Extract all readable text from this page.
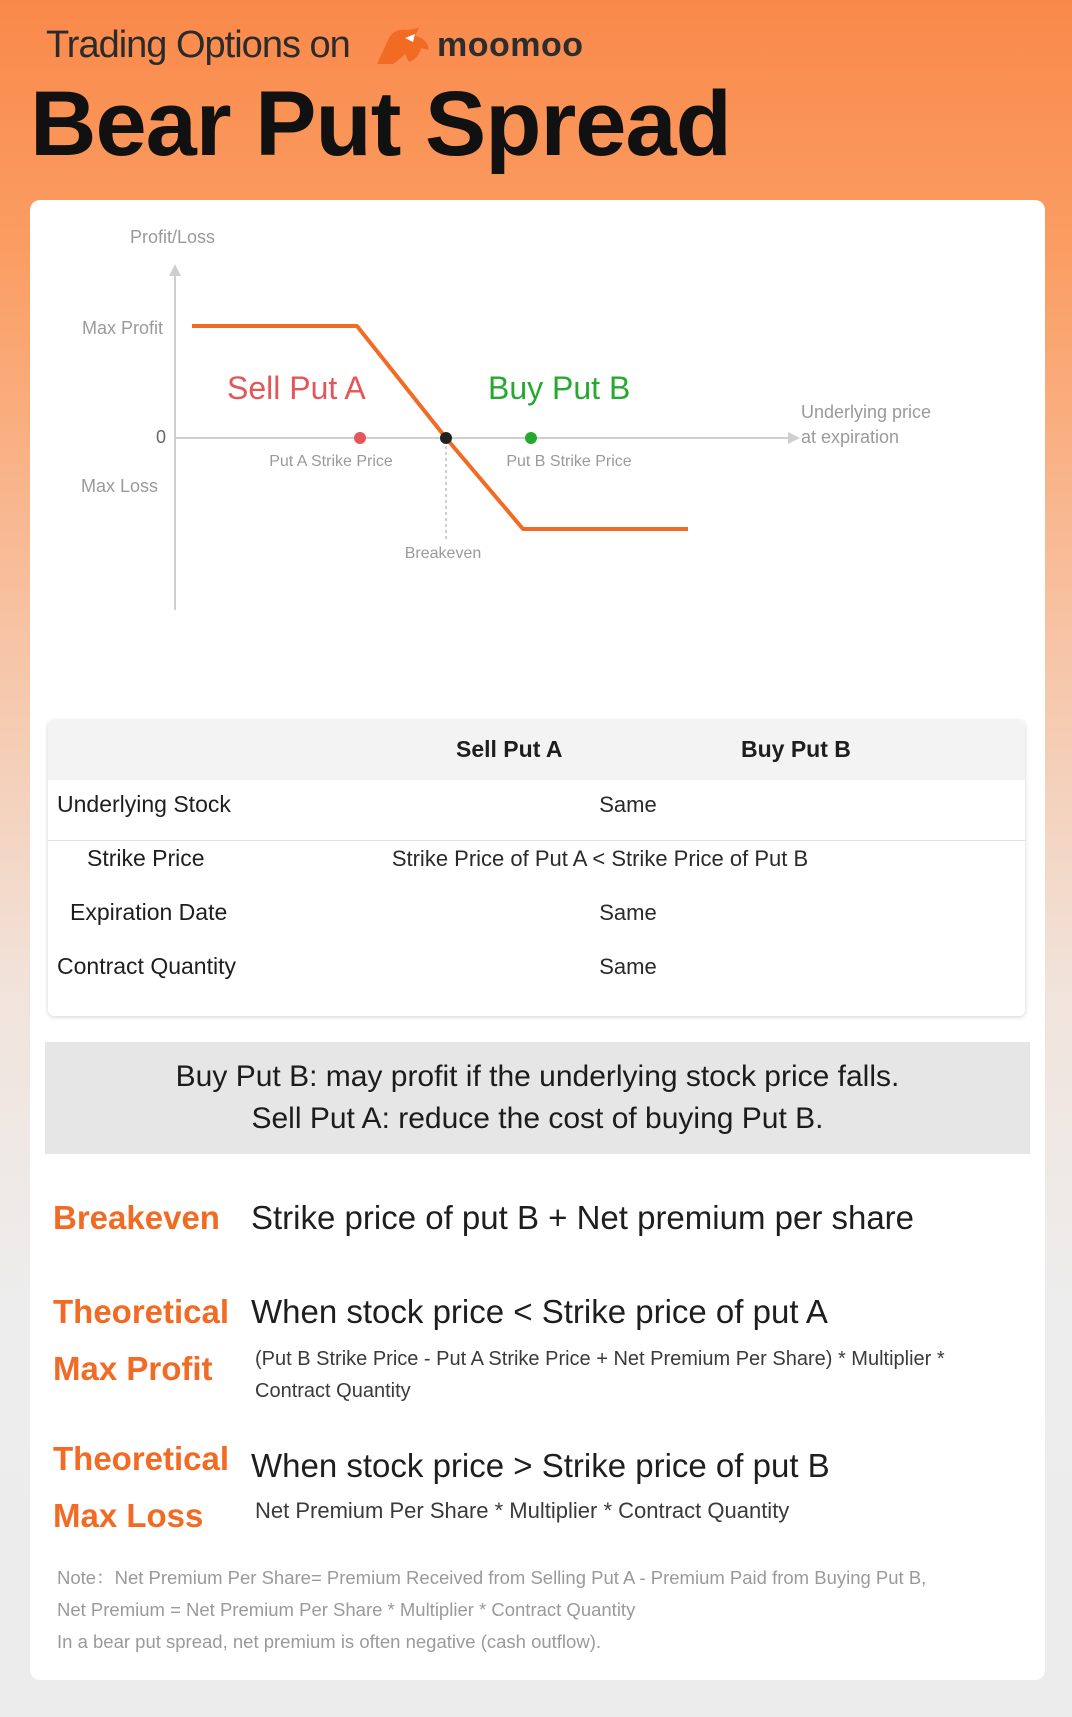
Trading Options on	moomoo
Bear Put Spread
Profit/Loss
Max Profit
0
Max Loss
Sell Put A	Buy Put B
Underlying price
at expiration
Put A Strike Price	Put B Strike Price
Breakeven
Sell Put A	Buy Put B
Underlying Stock	Same
Strike Price	Strike Price of Put A < Strike Price of Put B
Expiration Date	Same
Contract Quantity	Same
Buy Put B: may profit if the underlying stock price falls.
Sell Put A: reduce the cost of buying Put B.
Breakeven Strike price of put B + Net premium per share
Theoretical
Max Profit
When stock price < Strike price of put A
(Put B Strike Price - Put A Strike Price + Net Premium Per Share) * Multiplier * Contract Quantity
Theoretical
Max Loss
When stock price > Strike price of put B
Net Premium Per Share * Multiplier * Contract Quantity
Note：Net Premium Per Share= Premium Received from Selling Put A - Premium Paid from Buying Put B,
Net Premium = Net Premium Per Share * Multiplier * Contract Quantity
In a bear put spread, net premium is often negative (cash outflow).
